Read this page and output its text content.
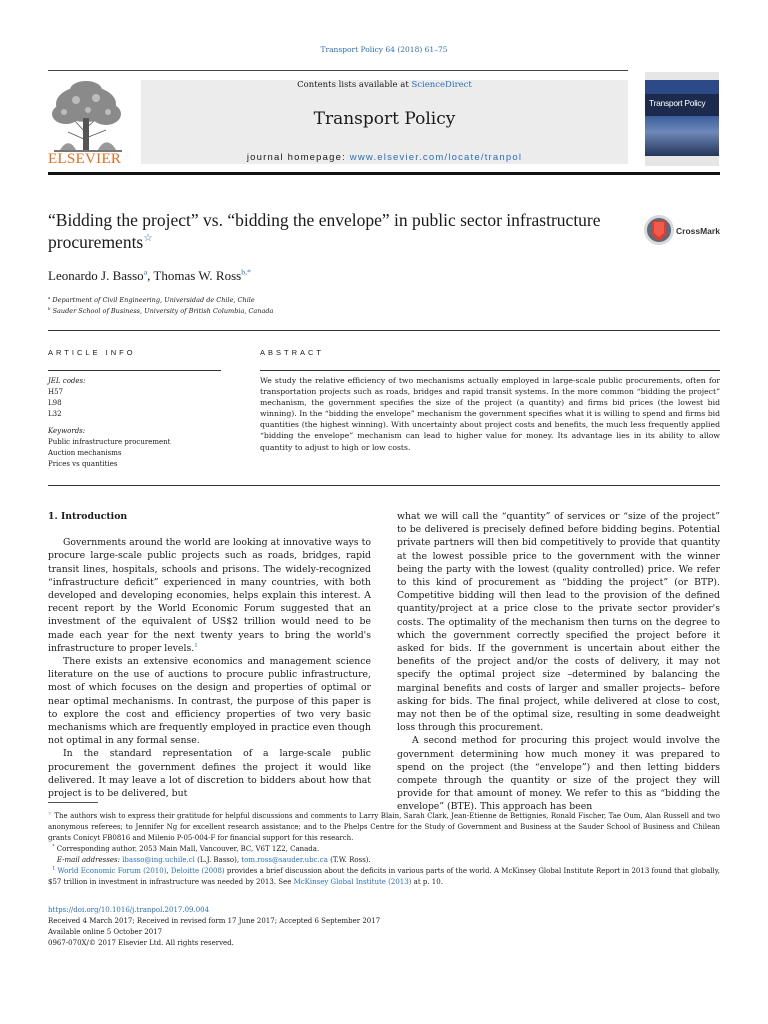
Transport Policy 64 (2018) 61–75
ELSEVIER
Contents lists available at ScienceDirect
Transport Policy
journal homepage: www.elsevier.com/locate/tranpol
Transport Policy
“Bidding the project” vs. “bidding the envelope” in public sector infrastructure procurements☆
CrossMark
Leonardo J. Basso$^a$, Thomas W. Ross$^{b,*}$
$^a$ Department of Civil Engineering, Universidad de Chile, Chile
$^b$ Sauder School of Business, University of British Columbia, Canada
ARTICLE INFO	ABSTRACT
JEL codes:
H57
L98
L32
Keywords:
Public infrastructure procurement
Auction mechanisms
Prices vs quantities
We study the relative efficiency of two mechanisms actually employed in large-scale public procurements, often for transportation projects such as roads, bridges and rapid transit systems. In the more common “bidding the project” mechanism, the government specifies the size of the project (a quantity) and firms bid prices (the lowest bid winning). In the “bidding the envelope” mechanism the government specifies what it is willing to spend and firms bid quantities (the highest winning). With uncertainty about project costs and benefits, the much less frequently applied “bidding the envelope” mechanism can lead to higher value for money. Its advantage lies in its ability to allow quantity to adjust to high or low costs.
1. Introduction

Governments around the world are looking at innovative ways to procure large-scale public projects such as roads, bridges, rapid transit lines, hospitals, schools and prisons. The widely-recognized “infrastructure deficit” experienced in many countries, with both developed and developing economies, helps explain this interest. A recent report by the World Economic Forum suggested that an investment of the equivalent of US$2 trillion would need to be made each year for the next twenty years to bring the world's infrastructure to proper levels.$^1$

There exists an extensive economics and management science literature on the use of auctions to procure public infrastructure, most of which focuses on the design and properties of optimal or near optimal mechanisms. In contrast, the purpose of this paper is to explore the cost and efficiency properties of two very basic mechanisms which are frequently employed in practice even though not optimal in any formal sense.

In the standard representation of a large-scale public procurement the government defines the project it would like delivered. It may leave a lot of discretion to bidders about how that project is to be delivered, but

what we will call the “quantity” of services or “size of the project” to be delivered is precisely defined before bidding begins. Potential private partners will then bid competitively to provide that quantity at the lowest possible price to the government with the winner being the party with the lowest (quality controlled) price. We refer to this kind of procurement as “bidding the project” (or BTP). Competitive bidding will then lead to the provision of the defined quantity/project at a price close to the private sector provider's costs. The optimality of the mechanism then turns on the degree to which the government correctly specified the project before it asked for bids. If the government is uncertain about either the benefits of the project and/or the costs of delivery, it may not specify the optimal project size –determined by balancing the marginal benefits and costs of larger and smaller projects– before asking for bids. The final project, while delivered at close to cost, may not then be of the optimal size, resulting in some deadweight loss through this procurement.

A second method for procuring this project would involve the government determining how much money it was prepared to spend on the project (the “envelope”) and then letting bidders compete through the quantity or size of the project they will provide for that amount of money. We refer to this as “bidding the envelope” (BTE). This approach has been

☆ The authors wish to express their gratitude for helpful discussions and comments to Larry Blain, Sarah Clark, Jean-Etienne de Bettignies, Ronald Fischer, Tae Oum, Alan Russell and two anonymous referees; to Jennifer Ng for excellent research assistance; and to the Phelps Centre for the Study of Government and Business at the Sauder School of Business and Chilean grants Conicyt FB0816 and Milenio P-05-004-F for financial support for this research.
* Corresponding author. 2053 Main Mall, Vancouver, BC, V6T 1Z2, Canada.
E-mail addresses: lbasso@ing.uchile.cl (L.J. Basso), tom.ross@sauder.ubc.ca (T.W. Ross).
$^1$ World Economic Forum (2010), Deloitte (2008) provides a brief discussion about the deficits in various parts of the world. A McKinsey Global Institute Report in 2013 found that globally, $57 trillion in investment in infrastructure was needed by 2013. See McKinsey Global Institute (2013) at p. 10.
https://doi.org/10.1016/j.tranpol.2017.09.004
Received 4 March 2017; Received in revised form 17 June 2017; Accepted 6 September 2017
Available online 5 October 2017
0967-070X/© 2017 Elsevier Ltd. All rights reserved.
